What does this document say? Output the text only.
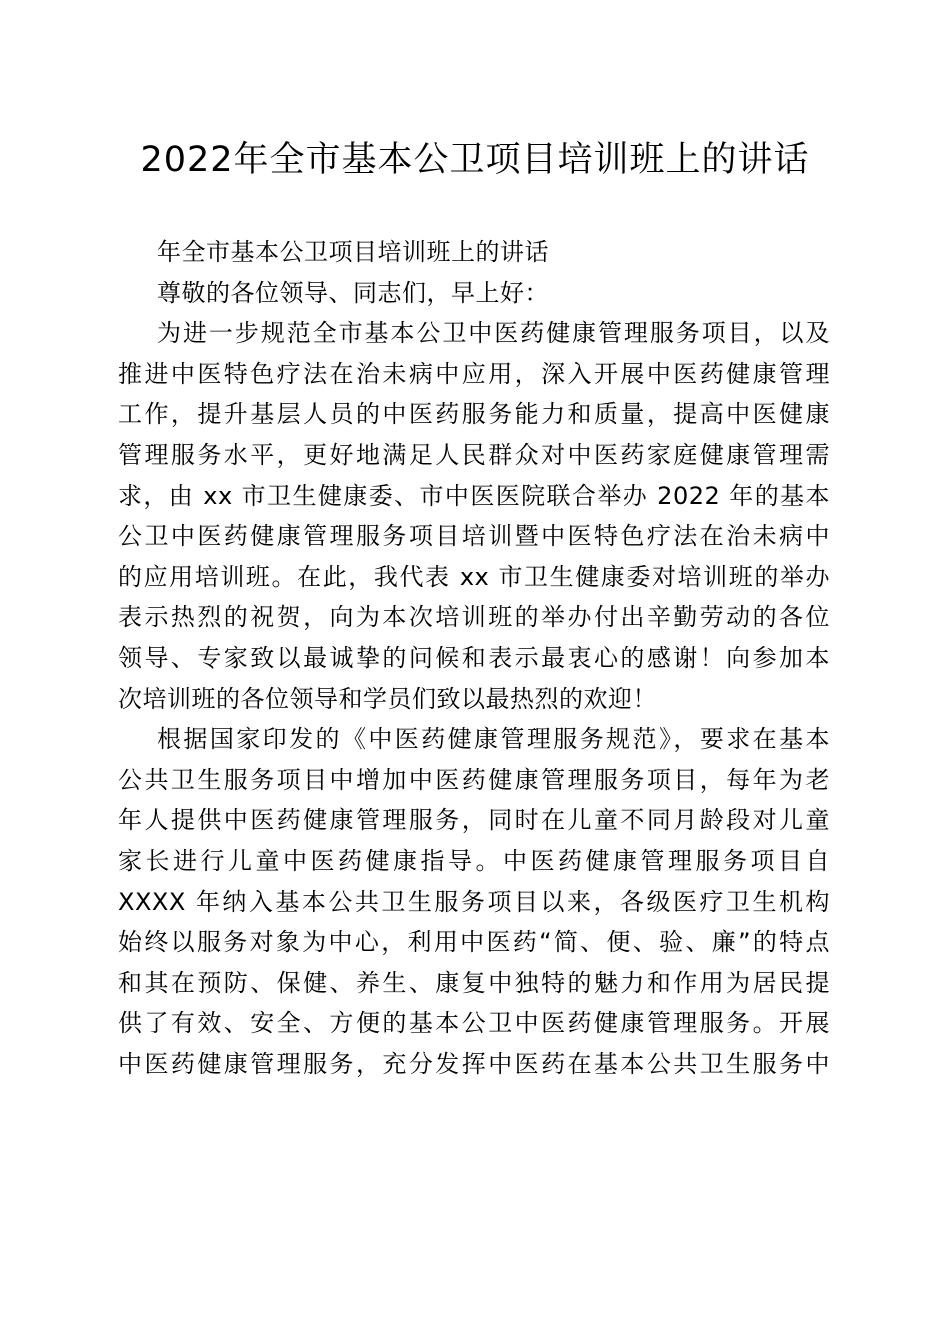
2022年全市基本公卫项目培训班上的讲话
年全市基本公卫项目培训班上的讲话
尊敬的各位领导、同志们，早上好：
为进一步规范全市基本公卫中医药健康管理服务项目，以及
推进中医特色疗法在治未病中应用，深入开展中医药健康管理
工作，提升基层人员的中医药服务能力和质量，提高中医健康
管理服务水平，更好地满足人民群众对中医药家庭健康管理需
求，由 xx 市卫生健康委、市中医医院联合举办 2022 年的基本
公卫中医药健康管理服务项目培训暨中医特色疗法在治未病中
的应用培训班。在此，我代表 xx 市卫生健康委对培训班的举办
表示热烈的祝贺，向为本次培训班的举办付出辛勤劳动的各位
领导、专家致以最诚挚的问候和表示最衷心的感谢！向参加本
次培训班的各位领导和学员们致以最热烈的欢迎！
根据国家印发的《中医药健康管理服务规范》，要求在基本
公共卫生服务项目中增加中医药健康管理服务项目，每年为老
年人提供中医药健康管理服务，同时在儿童不同月龄段对儿童
家长进行儿童中医药健康指导。中医药健康管理服务项目自
XXXX 年纳入基本公共卫生服务项目以来，各级医疗卫生机构
始终以服务对象为中心，利用中医药“简、便、验、廉”的特点
和其在预防、保健、养生、康复中独特的魅力和作用为居民提
供了有效、安全、方便的基本公卫中医药健康管理服务。开展
中医药健康管理服务，充分发挥中医药在基本公共卫生服务中
